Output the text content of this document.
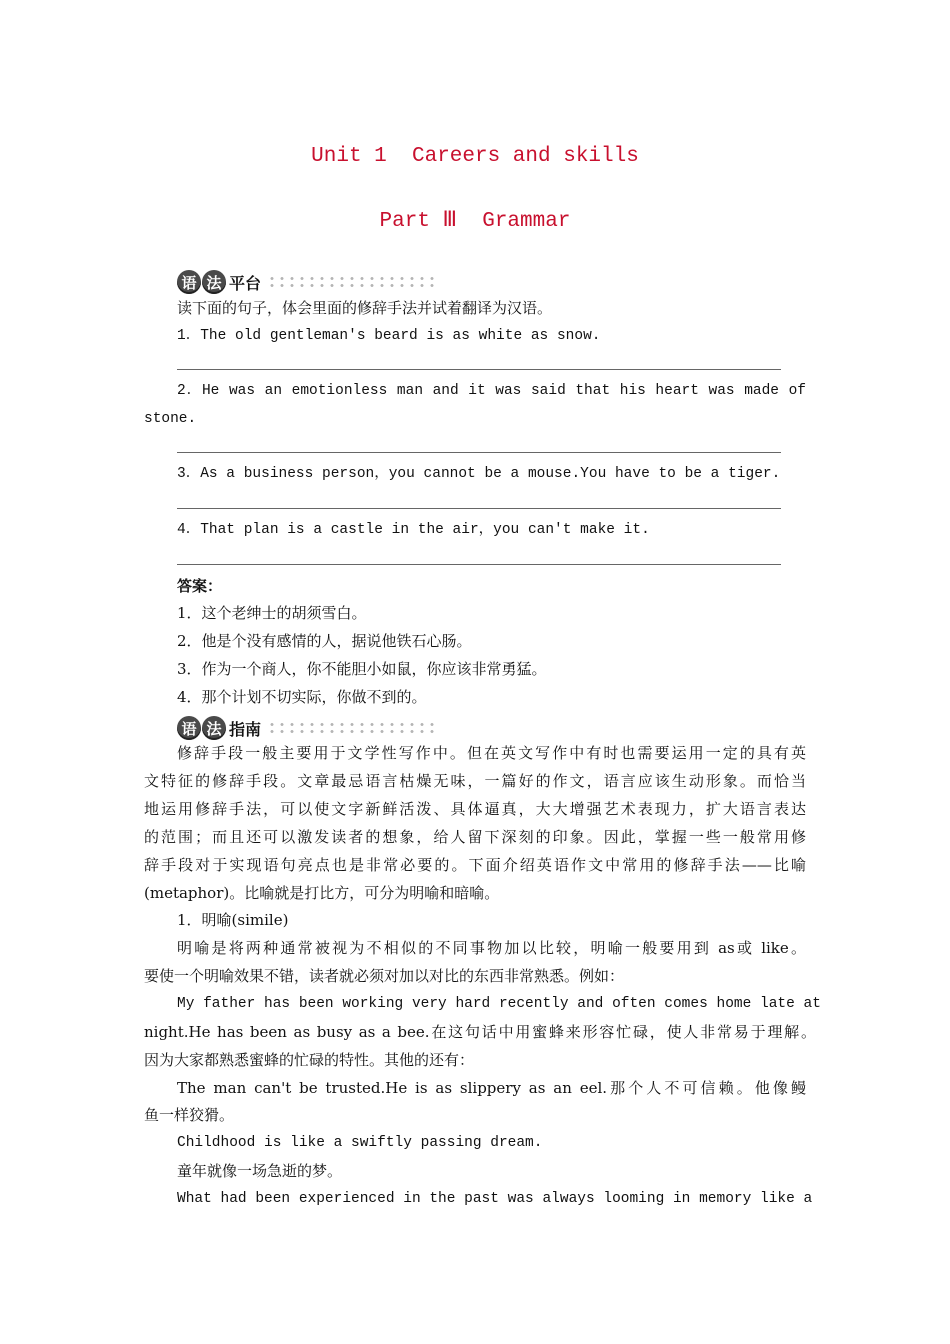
Unit 1  Careers and skills
Part Ⅲ  Grammar
语 法 平台
读下面的句子，体会里面的修辞手法并试着翻译为汉语。
1．The old gentleman's beard is as white as snow.
2．He was an emotionless man and it was said that his heart was made of
stone.
3．As a business person，you cannot be a mouse.You have to be a tiger.
4．That plan is a castle in the air，you can't make it.
答案：
1．这个老绅士的胡须雪白。
2．他是个没有感情的人，据说他铁石心肠。
3．作为一个商人，你不能胆小如鼠，你应该非常勇猛。
4．那个计划不切实际，你做不到的。
语 法 指南
修辞手段一般主要用于文学性写作中。但在英文写作中有时也需要运用一定的具有英
文特征的修辞手段。文章最忌语言枯燥无味，一篇好的作文，语言应该生动形象。而恰当
地运用修辞手法，可以使文字新鲜活泼、具体逼真，大大增强艺术表现力，扩大语言表达
的范围；而且还可以激发读者的想象，给人留下深刻的印象。因此，掌握一些一般常用修
辞手段对于实现语句亮点也是非常必要的。下面介绍英语作文中常用的修辞手法——比喻
(metaphor)。比喻就是打比方，可分为明喻和暗喻。
1．明喻(simile)
明喻是将两种通常被视为不相似的不同事物加以比较，明喻一般要用到 as或 like。
要使一个明喻效果不错，读者就必须对加以对比的东西非常熟悉。例如：
My father has been working very hard recently and often comes home late at
night.He has been as busy as a bee.在这句话中用蜜蜂来形容忙碌，使人非常易于理解。
因为大家都熟悉蜜蜂的忙碌的特性。其他的还有：
The man can't be trusted.He is as slippery as an eel.那个人不可信赖。他像鳗
鱼一样狡猾。
Childhood is like a swiftly passing dream.
童年就像一场急逝的梦。
What had been experienced in the past was always looming in memory like a
